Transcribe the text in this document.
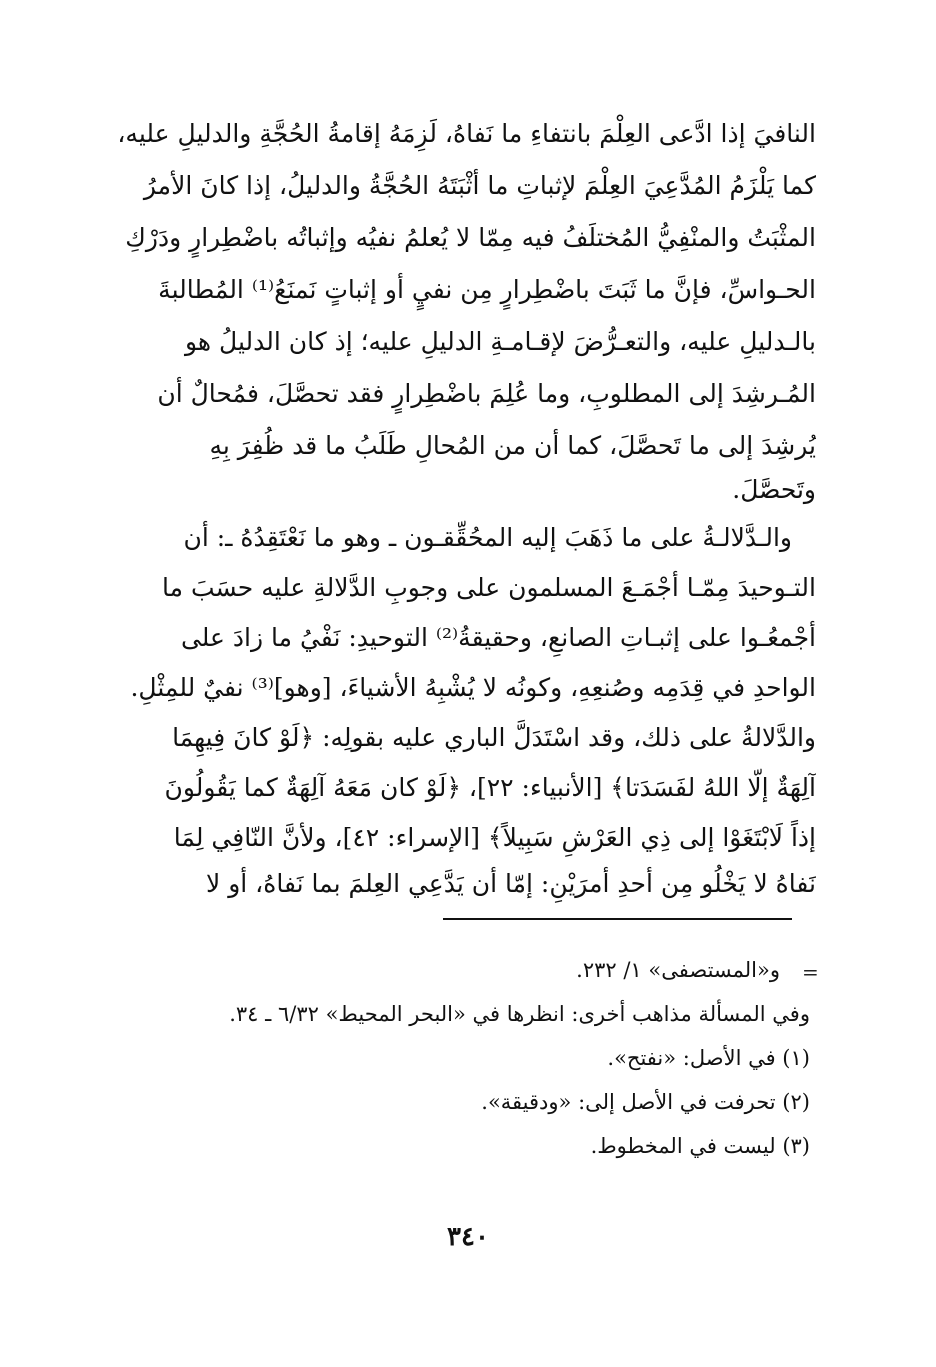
النافيَ إذا ادَّعى العِلْمَ بانتفاءِ ما نَفاهُ، لَزِمَهُ إقامةُ الحُجَّةِ والدليلِ عليه،
كما يَلْزَمُ المُدَّعِيَ العِلْمَ لإثباتِ ما أثْبَتَهُ الحُجَّةُ والدليلُ، إذا كانَ الأمرُ
المثْبَتُ والمنْفِيُّ المُختلَفُ فيه مِمّا لا يُعلمُ نفيُه وإثباتُه باضْطِرارٍ ودَرْكِ
الحـواسِّ، فإنَّ ما ثَبَتَ باضْطِرارٍ مِن نفيٍ أو إثباتٍ نَمنَعُ⁽¹⁾ المُطالبةَ
بالـدليلِ عليه، والتعـرُّضَ لإقـامـةِ الدليلِ عليه؛ إذ كان الدليلُ هو
المُـرشِدَ إلى المطلوبِ، وما عُلِمَ باضْطِرارٍ فقد تحصَّلَ، فمُحالٌ أن
يُرشِدَ إلى ما تَحصَّلَ، كما أن من المُحالِ طَلَبُ ما قد ظُفِرَ بِهِ
وتَحصَّلَ.
والـدَّلالـةُ على ما ذَهَبَ إليه المحُقِّقـون ـ وهو ما نَعْتَقِدُهُ ـ: أن
التـوحيدَ مِمّـا أجْمَـعَ المسلمون على وجوبِ الدَّلالةِ عليه حسَبَ ما
أجْمعُـوا على إثبـاتِ الصانعِ، وحقيقةُ⁽²⁾ التوحيدِ: نَفْيُ ما زادَ على
الواحدِ في قِدَمِه وصُنعِهِ، وكونُه لا يُشْبِهُ الأشياءَ، [وهو]⁽³⁾ نفيٌ للمِثْلِ.
والدَّلالةُ على ذلك، وقد اسْتَدَلَّ الباري عليه بقولِه: ﴿لَوْ كانَ فِيهِمَا
آلِهَةٌ إلّا اللهُ لفَسَدَتا﴾ [الأنبياء: ٢٢]، ﴿لَوْ كان مَعَهُ آلِهَةٌ كما يَقُولُونَ
إذاً لَابْتَغَوْا إلى ذِي العَرْشِ سَبِيلاً﴾ [الإسراء: ٤٢]، ولأنَّ النّافِي لِمَا
نَفاهُ لا يَخْلُو مِن أحدِ أمرَيْنِ: إمّا أن يَدَّعِي العِلمَ بما نَفاهُ، أو لا
=
و«المستصفى» ١/ ٢٣٢.
وفي المسألة مذاهب أخرى: انظرها في «البحر المحيط» ٦/٣٢ ـ ٣٤.
(١) في الأصل: «نفتح».
(٢) تحرفت في الأصل إلى: «ودقيقة».
(٣) ليست في المخطوط.
٣٤٠
